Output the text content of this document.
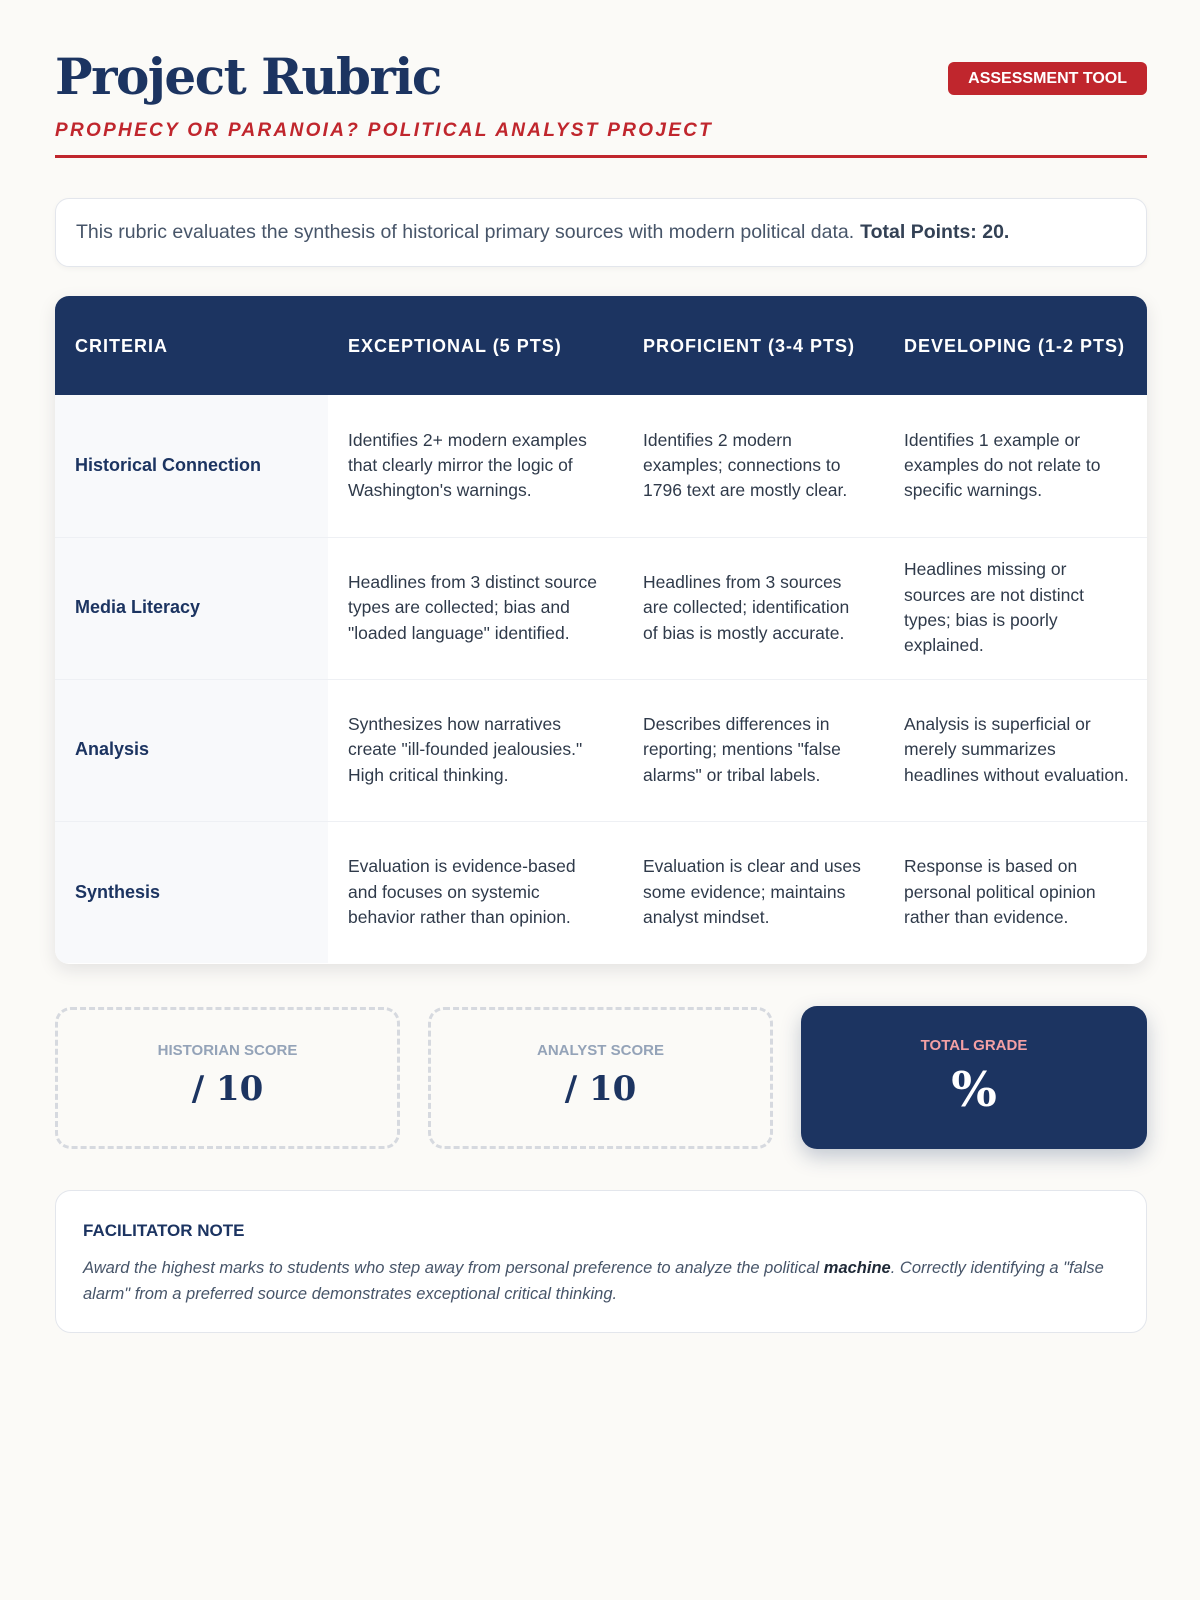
Project Rubric
PROPHECY OR PARANOIA? POLITICAL ANALYST PROJECT
ASSESSMENT TOOL
This rubric evaluates the synthesis of historical primary sources with modern political data. Total Points: 20.
CRITERIA	EXCEPTIONAL (5 PTS)	PROFICIENT (3-4 PTS)	DEVELOPING (1-2 PTS)
Historical Connection	Identifies 2+ modern examples that clearly mirror the logic of Washington's warnings.	Identifies 2 modern examples; connections to 1796 text are mostly clear.	Identifies 1 example or examples do not relate to specific warnings.
Media Literacy	Headlines from 3 distinct source types are collected; bias and "loaded language" identified.	Headlines from 3 sources are collected; identification of bias is mostly accurate.	Headlines missing or sources are not distinct types; bias is poorly explained.
Analysis	Synthesizes how narratives create "ill-founded jealousies." High critical thinking.	Describes differences in reporting; mentions "false alarms" or tribal labels.	Analysis is superficial or merely summarizes headlines without evaluation.
Synthesis	Evaluation is evidence-based and focuses on systemic behavior rather than opinion.	Evaluation is clear and uses some evidence; maintains analyst mindset.	Response is based on personal political opinion rather than evidence.
HISTORIAN SCORE
/ 10
ANALYST SCORE
/ 10
TOTAL GRADE
%
FACILITATOR NOTE
Award the highest marks to students who step away from personal preference to analyze the political machine. Correctly identifying a "false alarm" from a preferred source demonstrates exceptional critical thinking.
